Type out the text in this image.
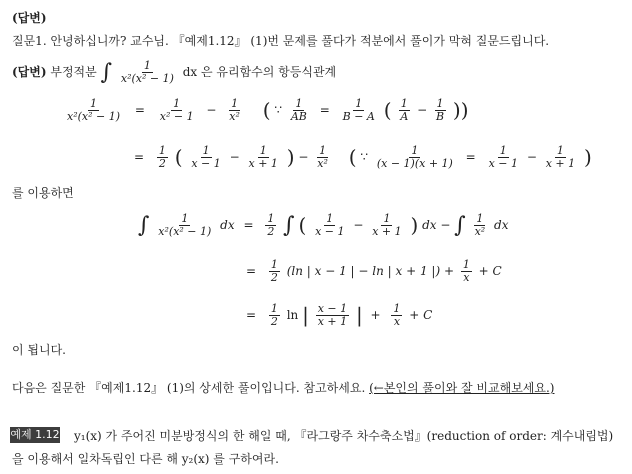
(답변)
질문1. 안녕하십니까? 교수님. 『예제1.12』 (1)번 문제를 풀다가 적분에서 풀이가 막혀 질문드립니다.
(답변) 부정적분 ∫ $\frac{1}{\text{x²(x² − 1)}}$ dx 은 유리함수의 항등식관계
$\frac{1}{\text{x²(x² − 1)}} = \frac{1}{\text{x² − 1}} - \frac{1}{\text{x²}}$ ( ∵ $\frac{1}{AB} = \frac{1}{B - A}$ ( $\frac{1}{A} - \frac{1}{B}$ ))
= $\frac{1}{2}$ ( $\frac{1}{x - 1} - \frac{1}{x + 1}$ ) − $\frac{1}{\text{x²}}$ ( ∵ $\frac{1}{(x - 1)(x + 1)} = \frac{1}{x - 1} - \frac{1}{x + 1}$ )
를 이용하면
∫ $\frac{1}{\text{x²(x² − 1)}}$ dx = $\frac{1}{2}$ ∫ ( $\frac{1}{x - 1} - \frac{1}{x + 1}$ ) dx − ∫ $\frac{1}{\text{x²}}$ dx
= $\frac{1}{2} (\ln$ | x − 1 | − ln | x + 1 |) + $\frac{1}{x} + C$
= $\frac{1}{2}$ ln | $\frac{x - 1}{x + 1}$ | + $\frac{1}{x} + C$
이 됩니다.
다음은 질문한 『예제1.12』 (1)의 상세한 풀이입니다. 참고하세요. (←본인의 풀이와 잘 비교해보세요.)
예제 1.12 y₁(x) 가 주어진 미분방정식의 한 해일 때, 『라그랑주 차수축소법』(reduction of order: 계수내림법)
을 이용해서 일차독립인 다른 해 y₂(x) 를 구하여라.
